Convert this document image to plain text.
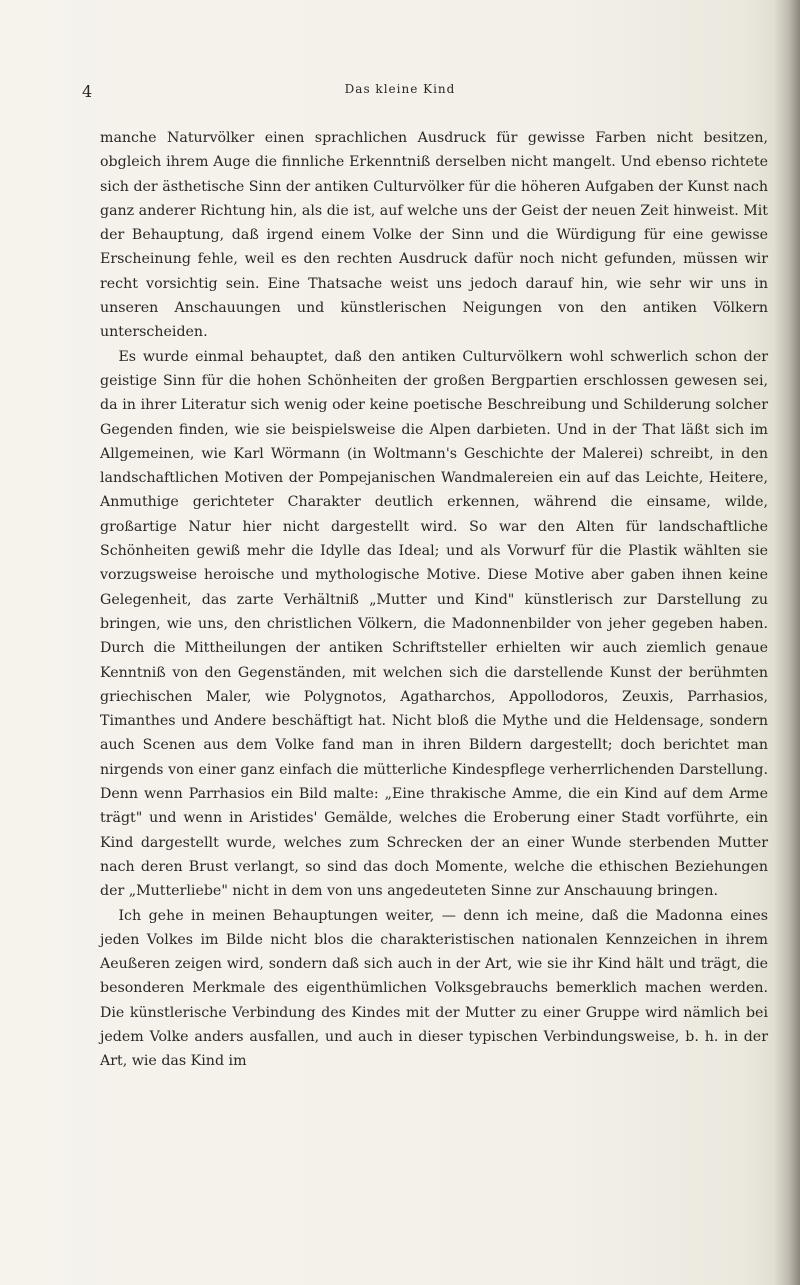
4	Das kleine Kind

manche Naturvölker einen sprachlichen Ausdruck für gewisse Farben nicht besitzen, obgleich ihrem Auge die finnliche Erkenntniß derselben nicht mangelt. Und ebenso richtete sich der ästhetische Sinn der antiken Culturvölker für die höheren Aufgaben der Kunst nach ganz anderer Richtung hin, als die ist, auf welche uns der Geist der neuen Zeit hinweist. Mit der Behauptung, daß irgend einem Volke der Sinn und die Würdigung für eine gewisse Erscheinung fehle, weil es den rechten Ausdruck dafür noch nicht gefunden, müssen wir recht vorsichtig sein. Eine Thatsache weist uns jedoch darauf hin, wie sehr wir uns in unseren Anschauungen und künstlerischen Neigungen von den antiken Völkern unterscheiden.

Es wurde einmal behauptet, daß den antiken Culturvölkern wohl schwerlich schon der geistige Sinn für die hohen Schönheiten der großen Bergpartien erschlossen gewesen sei, da in ihrer Literatur sich wenig oder keine poetische Beschreibung und Schilderung solcher Gegenden finden, wie sie beispielsweise die Alpen darbieten. Und in der That läßt sich im Allgemeinen, wie Karl Wörmann (in Woltmann's Geschichte der Malerei) schreibt, in den landschaftlichen Motiven der Pompejanischen Wandmalereien ein auf das Leichte, Heitere, Anmuthige gerichteter Charakter deutlich erkennen, während die einsame, wilde, großartige Natur hier nicht dargestellt wird. So war den Alten für landschaftliche Schönheiten gewiß mehr die Idylle das Ideal; und als Vorwurf für die Plastik wählten sie vorzugsweise heroische und mythologische Motive. Diese Motive aber gaben ihnen keine Gelegenheit, das zarte Verhältniß „Mutter und Kind" künstlerisch zur Darstellung zu bringen, wie uns, den christlichen Völkern, die Madonnenbilder von jeher gegeben haben. Durch die Mittheilungen der antiken Schriftsteller erhielten wir auch ziemlich genaue Kenntniß von den Gegenständen, mit welchen sich die darstellende Kunst der berühmten griechischen Maler, wie Polygnotos, Agatharchos, Appollodoros, Zeuxis, Parrhasios, Timanthes und Andere beschäftigt hat. Nicht bloß die Mythe und die Heldensage, sondern auch Scenen aus dem Volke fand man in ihren Bildern dargestellt; doch berichtet man nirgends von einer ganz einfach die mütterliche Kindespflege verherrlichenden Darstellung. Denn wenn Parrhasios ein Bild malte: „Eine thrakische Amme, die ein Kind auf dem Arme trägt" und wenn in Aristides' Gemälde, welches die Eroberung einer Stadt vorführte, ein Kind dargestellt wurde, welches zum Schrecken der an einer Wunde sterbenden Mutter nach deren Brust verlangt, so sind das doch Momente, welche die ethischen Beziehungen der „Mutterliebe" nicht in dem von uns angedeuteten Sinne zur Anschauung bringen.

Ich gehe in meinen Behauptungen weiter, — denn ich meine, daß die Madonna eines jeden Volkes im Bilde nicht blos die charakteristischen nationalen Kennzeichen in ihrem Aeußeren zeigen wird, sondern daß sich auch in der Art, wie sie ihr Kind hält und trägt, die besonderen Merkmale des eigenthümlichen Volksgebrauchs bemerklich machen werden. Die künstlerische Verbindung des Kindes mit der Mutter zu einer Gruppe wird nämlich bei jedem Volke anders ausfallen, und auch in dieser typischen Verbindungsweise, b. h. in der Art, wie das Kind im
